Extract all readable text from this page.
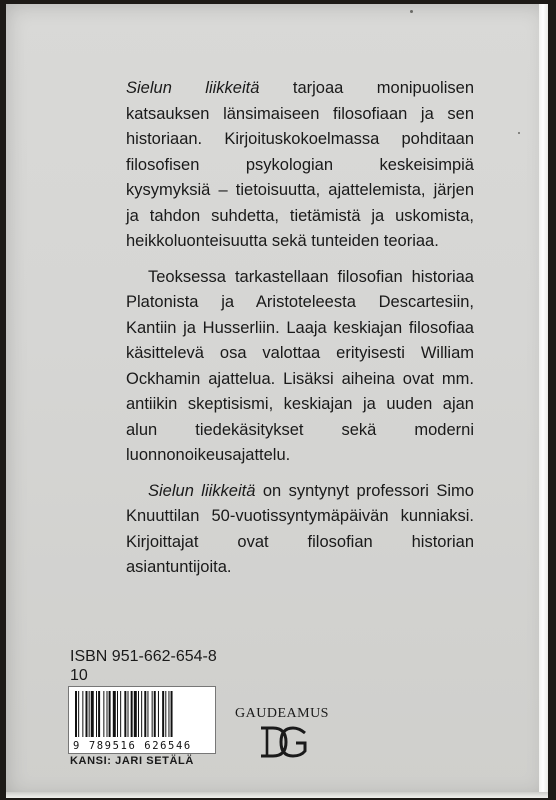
Sielun liikkeitä tarjoaa monipuolisen katsauksen länsimaiseen filosofiaan ja sen historiaan. Kirjoituskokoelmassa pohditaan filosofisen psykologian keskeisimpiä kysymyksiä – tietoisuutta, ajattelemista, järjen ja tahdon suhdetta, tietämistä ja uskomista, heikkoluonteisuutta sekä tunteiden teoriaa.

Teoksessa tarkastellaan filosofian historiaa Platonista ja Aristoteleesta Descartesiin, Kantiin ja Husserliin. Laaja keskiajan filosofiaa käsittelevä osa valottaa erityisesti William Ockhamin ajattelua. Lisäksi aiheina ovat mm. antiikin skeptisismi, keskiajan ja uuden ajan alun tiedekäsitykset sekä moderni luonnonoikeusajattelu.

Sielun liikkeitä on syntynyt professori Simo Knuuttilan 50-vuotissyntymäpäivän kunniaksi. Kirjoittajat ovat filosofian historian asiantuntijoita.

ISBN 951-662-654-8
10
9 789516 626546
KANSI: JARI SETÄLÄ
GAUDEAMUS
